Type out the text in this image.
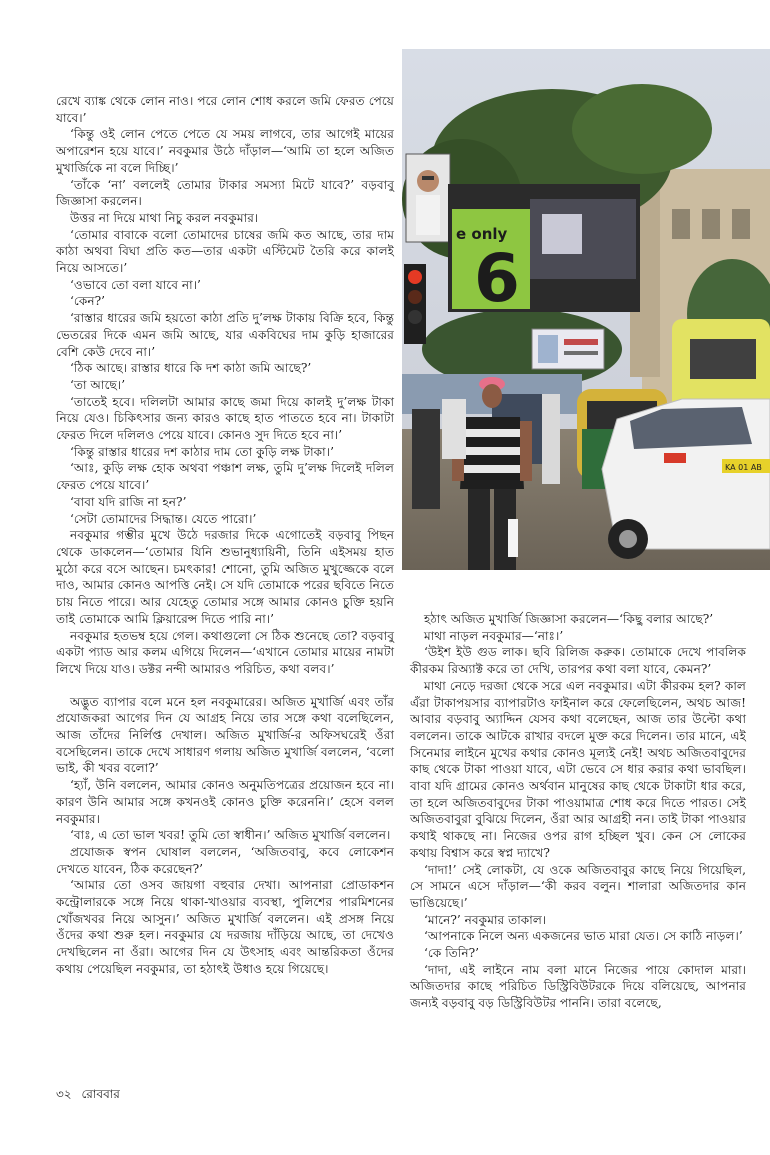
রেখে ব্যাঙ্ক থেকে লোন নাও। পরে লোন শোধ করলে জমি ফেরত পেয়ে যাবে।’

‘কিন্তু ওই লোন পেতে পেতে যে সময় লাগবে, তার আগেই মায়ের অপারেশন হয়ে যাবে।’ নবকুমার উঠে দাঁড়াল—‘আমি তা হলে অজিত মুখার্জিকে না বলে দিচ্ছি।’

‘তাঁকে ‘না’ বললেই তোমার টাকার সমস্যা মিটে যাবে?’ বড়বাবু জিজ্ঞাসা করলেন।

উত্তর না দিয়ে মাথা নিচু করল নবকুমার।

‘তোমার বাবাকে বলো তোমাদের চাষের জমি কত আছে, তার দাম কাঠা অথবা বিঘা প্রতি কত—তার একটা এস্টিমেট তৈরি করে কালই নিয়ে আসতে।’

‘ওভাবে তো বলা যাবে না।’

‘কেন?’

‘রাস্তার ধারের জমি হয়তো কাঠা প্রতি দু’লক্ষ টাকায় বিক্রি হবে, কিন্তু ভেতরের দিকে এমন জমি আছে, যার একবিঘের দাম কুড়ি হাজারের বেশি কেউ দেবে না।’

‘ঠিক আছে। রাস্তার ধারে কি দশ কাঠা জমি আছে?’

‘তা আছে।’

‘তাতেই হবে। দলিলটা আমার কাছে জমা দিয়ে কালই দু’লক্ষ টাকা নিয়ে যেও। চিকিৎসার জন্য কারও কাছে হাত পাততে হবে না। টাকাটা ফেরত দিলে দলিলও পেয়ে যাবে। কোনও সুদ দিতে হবে না।’

‘কিন্তু রাস্তার ধারের দশ কাঠার দাম তো কুড়ি লক্ষ টাকা।’

‘আঃ, কুড়ি লক্ষ হোক অথবা পঞ্চাশ লক্ষ, তুমি দু’লক্ষ দিলেই দলিল ফেরত পেয়ে যাবে।’

‘বাবা যদি রাজি না হন?’

‘সেটা তোমাদের সিদ্ধান্ত। যেতে পারো।’

নবকুমার গম্ভীর মুখে উঠে দরজার দিকে এগোতেই বড়বাবু পিছন থেকে ডাকলেন—‘তোমার যিনি শুভানুধ্যায়িনী, তিনি এইসময় হাত মুঠো করে বসে আছেন। চমৎকার! শোনো, তুমি অজিত মুখুজ্জেকে বলে দাও, আমার কোনও আপত্তি নেই। সে যদি তোমাকে পরের ছবিতে নিতে চায় নিতে পারে। আর যেহেতু তোমার সঙ্গে আমার কোনও চুক্তি হয়নি তাই তোমাকে আমি ক্লিয়ারেন্স দিতে পারি না।’

নবকুমার হতভম্ব হয়ে গেল। কথাগুলো সে ঠিক শুনেছে তো? বড়বাবু একটা প্যাড আর কলম এগিয়ে দিলেন—‘এখানে তোমার মায়ের নামটা লিখে দিয়ে যাও। ডক্টর নন্দী আমারও পরিচিত, কথা বলব।’

অদ্ভুত ব্যাপার বলে মনে হল নবকুমারের। অজিত মুখার্জি এবং তাঁর প্রযোজকরা আগের দিন যে আগ্রহ নিয়ে তার সঙ্গে কথা বলেছিলেন, আজ তাঁদের নির্লিপ্ত দেখাল। অজিত মুখার্জি-র অফিসঘরেই ওঁরা বসেছিলেন। তাকে দেখে সাধারণ গলায় অজিত মুখার্জি বললেন, ‘বলো ভাই, কী খবর বলো?’

‘হ্যাঁ, উনি বললেন, আমার কোনও অনুমতিপত্রের প্রয়োজন হবে না। কারণ উনি আমার সঙ্গে কখনওই কোনও চুক্তি করেননি।’ হেসে বলল নবকুমার।

‘বাঃ, এ তো ভাল খবর! তুমি তো স্বাধীন।’ অজিত মুখার্জি বললেন।

প্রযোজক স্বপন ঘোষাল বললেন, ‘অজিতবাবু, কবে লোকেশন দেখতে যাবেন, ঠিক করেছেন?’

‘আমার তো ওসব জায়গা বহুবার দেখা। আপনারা প্রোডাকশন কন্ট্রোলারকে সঙ্গে নিয়ে থাকা-খাওয়ার ব্যবস্থা, পুলিশের পারমিশনের খোঁজখবর নিয়ে আসুন।’ অজিত মুখার্জি বললেন। এই প্রসঙ্গ নিয়ে ওঁদের কথা শুরু হল। নবকুমার যে দরজায় দাঁড়িয়ে আছে, তা দেখেও দেখছিলেন না ওঁরা। আগের দিন যে উৎসাহ এবং আন্তরিকতা ওঁদের কথায় পেয়েছিল নবকুমার, তা হঠাৎই উধাও হয়ে গিয়েছে।

e only
6
KA 01 AB

হঠাৎ অজিত মুখার্জি জিজ্ঞাসা করলেন—‘কিছু বলার আছে?’

মাথা নাড়ল নবকুমার—‘নাঃ।’

‘উইশ ইউ গুড লাক। ছবি রিলিজ করুক। তোমাকে দেখে পাবলিক কীরকম রিঅ্যাক্ট করে তা দেখি, তারপর কথা বলা যাবে, কেমন?’

মাথা নেড়ে দরজা থেকে সরে এল নবকুমার। এটা কীরকম হল? কাল এঁরা টাকাপয়সার ব্যাপারটাও ফাইনাল করে ফেলেছিলেন, অথচ আজ! আবার বড়বাবু অ্যাদ্দিন যেসব কথা বলেছেন, আজ তার উল্টো কথা বললেন। তাকে আটকে রাখার বদলে মুক্ত করে দিলেন। তার মানে, এই সিনেমার লাইনে মুখের কথার কোনও মূল্যই নেই! অথচ অজিতবাবুদের কাছ থেকে টাকা পাওয়া যাবে, এটা ভেবে সে ধার করার কথা ভাবছিল। বাবা যদি গ্রামের কোনও অর্থবান মানুষের কাছ থেকে টাকাটা ধার করে, তা হলে অজিতবাবুদের টাকা পাওয়ামাত্র শোধ করে দিতে পারত। সেই অজিতবাবুরা বুঝিয়ে দিলেন, ওঁরা আর আগ্রহী নন। তাই টাকা পাওয়ার কথাই থাকছে না। নিজের ওপর রাগ হচ্ছিল খুব। কেন সে লোকের কথায় বিশ্বাস করে স্বপ্ন দ্যাখে?

‘দাদা!’ সেই লোকটা, যে ওকে অজিতবাবুর কাছে নিয়ে গিয়েছিল, সে সামনে এসে দাঁড়াল—‘কী করব বলুন। শালারা অজিতদার কান ভাঙিয়েছে।’

‘মানে?’ নবকুমার তাকাল।

‘আপনাকে নিলে অন্য একজনের ভাত মারা যেত। সে কাঠি নাড়ল।’

‘কে তিনি?’

‘দাদা, এই লাইনে নাম বলা মানে নিজের পায়ে কোদাল মারা। অজিতদার কাছে পরিচিত ডিস্ট্রিবিউটরকে দিয়ে বলিয়েছে, আপনার জন্যই বড়বাবু বড় ডিস্ট্রিবিউটর পাননি। তারা বলেছে,

৩২ রোববার
